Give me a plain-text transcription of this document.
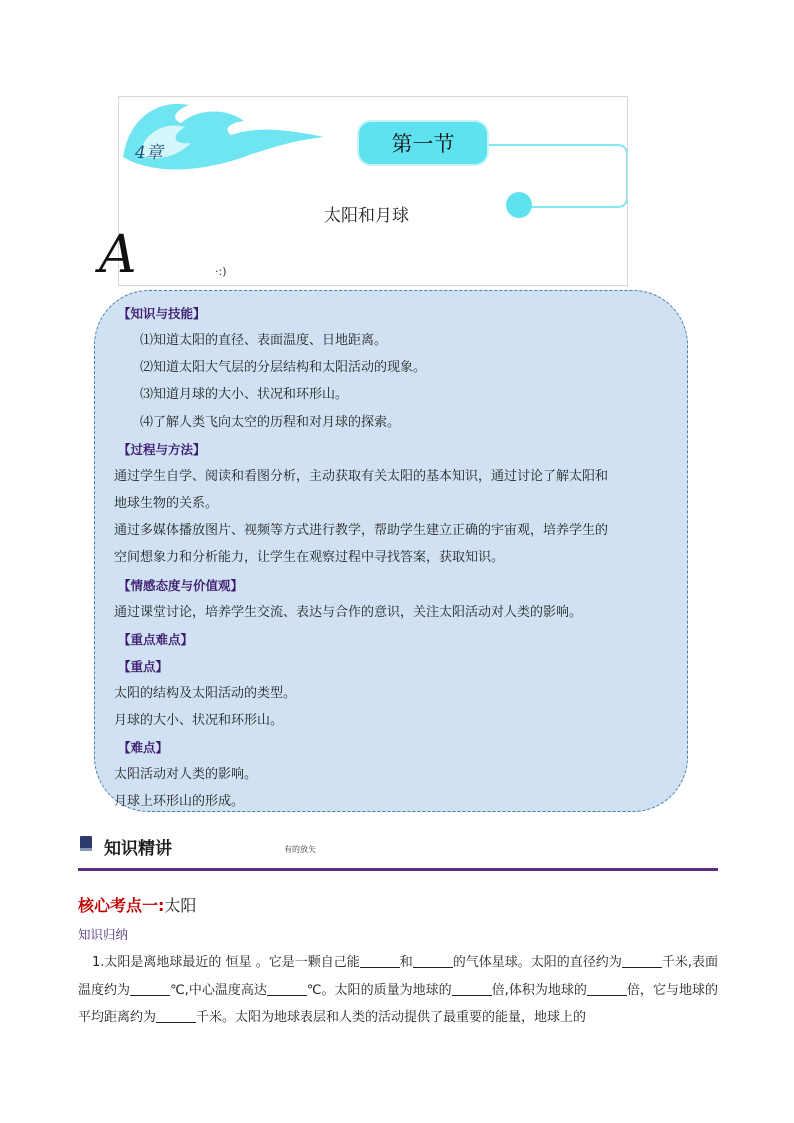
4章	第一节
太阳和月球
A	·:)
【知识与技能】
⑴知道太阳的直径、表面温度、日地距离。
⑵知道太阳大气层的分层结构和太阳活动的现象。
⑶知道月球的大小、状况和环形山。
⑷了解人类飞向太空的历程和对月球的探索。
【过程与方法】
通过学生自学、阅读和看图分析，主动获取有关太阳的基本知识，通过讨论了解太阳和
地球生物的关系。
通过多媒体播放图片、视频等方式进行教学，帮助学生建立正确的宇宙观，培养学生的
空间想象力和分析能力，让学生在观察过程中寻找答案，获取知识。
【情感态度与价值观】
通过课堂讨论，培养学生交流、表达与合作的意识，关注太阳活动对人类的影响。
【重点难点】
【重点】
太阳的结构及太阳活动的类型。
月球的大小、状况和环形山。
【难点】
太阳活动对人类的影响。
月球上环形山的形成。
知识精讲	有的放矢
核心考点一:太阳
知识归纳
1.太阳是离地球最近的 恒星 。它是一颗自己能	和	的气体星球。太阳的直径约为	千米,表面温度约为	℃,中心温度高达	℃。太阳的质量为地球的	倍,体积为地球的	倍，它与地球的平均距离约为	千米。太阳为地球表层和人类的活动提供了最重要的能量，地球上的
